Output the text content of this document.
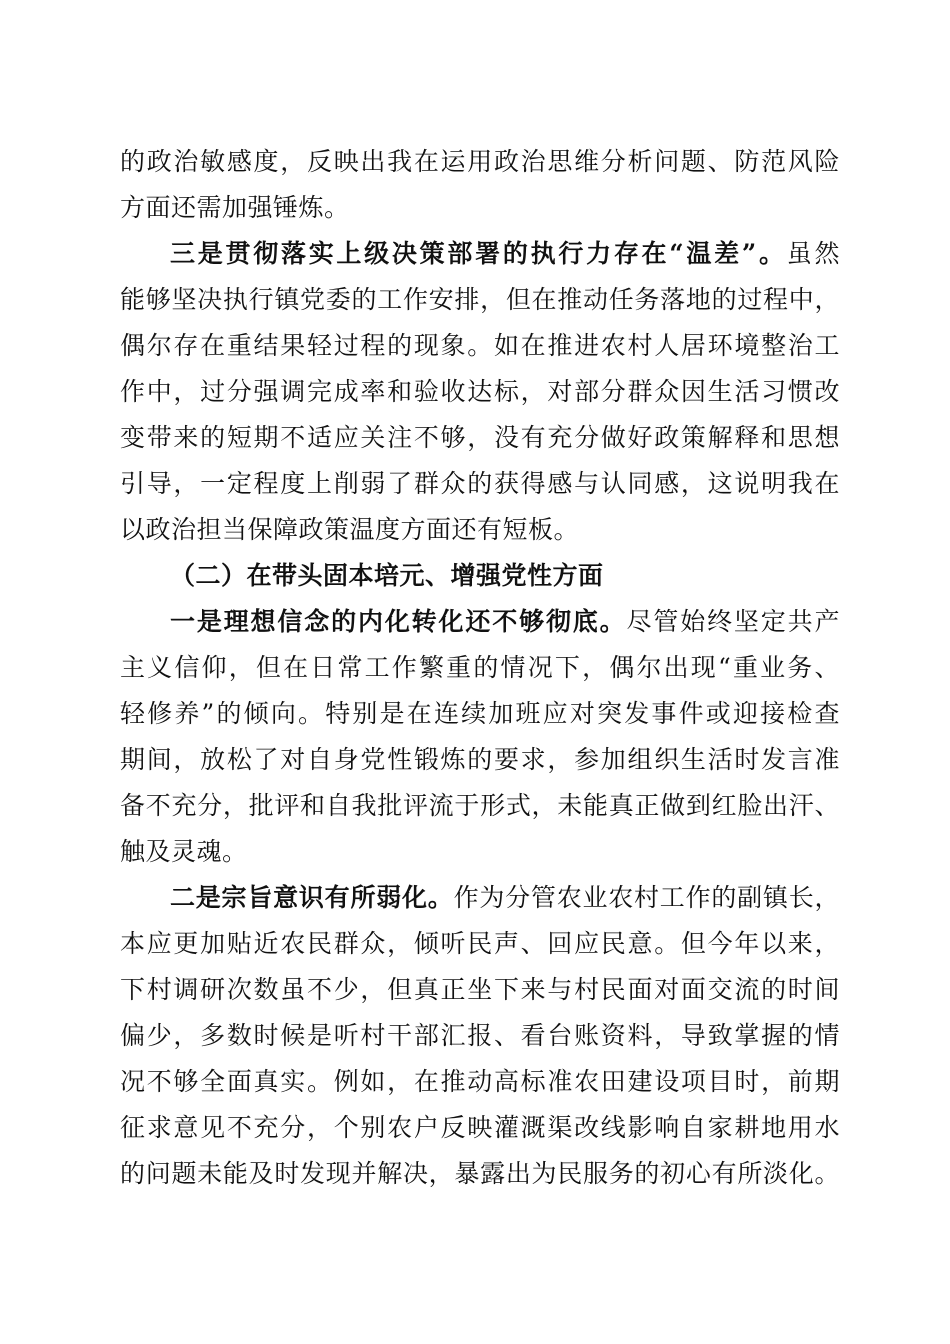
的政治敏感度，反映出我在运用政治思维分析问题、防范风险
方面还需加强锤炼。
三是贯彻落实上级决策部署的执行力存在“温差”。虽然
能够坚决执行镇党委的工作安排，但在推动任务落地的过程中，
偶尔存在重结果轻过程的现象。如在推进农村人居环境整治工
作中，过分强调完成率和验收达标，对部分群众因生活习惯改
变带来的短期不适应关注不够，没有充分做好政策解释和思想
引导，一定程度上削弱了群众的获得感与认同感，这说明我在
以政治担当保障政策温度方面还有短板。
（二）在带头固本培元、增强党性方面
一是理想信念的内化转化还不够彻底。尽管始终坚定共产
主义信仰，但在日常工作繁重的情况下，偶尔出现“重业务、
轻修养”的倾向。特别是在连续加班应对突发事件或迎接检查
期间，放松了对自身党性锻炼的要求，参加组织生活时发言准
备不充分，批评和自我批评流于形式，未能真正做到红脸出汗、
触及灵魂。
二是宗旨意识有所弱化。作为分管农业农村工作的副镇长，
本应更加贴近农民群众，倾听民声、回应民意。但今年以来，
下村调研次数虽不少，但真正坐下来与村民面对面交流的时间
偏少，多数时候是听村干部汇报、看台账资料，导致掌握的情
况不够全面真实。例如，在推动高标准农田建设项目时，前期
征求意见不充分，个别农户反映灌溉渠改线影响自家耕地用水
的问题未能及时发现并解决，暴露出为民服务的初心有所淡化。
